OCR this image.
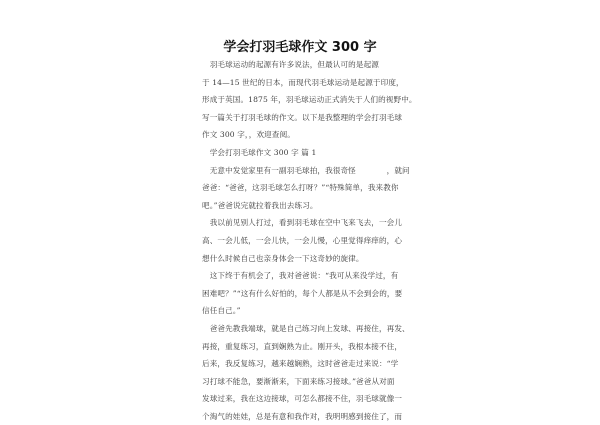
学会打羽毛球作文 300 字
　羽毛球运动的起源有许多说法，但最认可的是起源
于 14—15 世纪的日本，而现代羽毛球运动是起源于印度，
形成于英国。1875 年，羽毛球运动正式消失于人们的视野中。
写一篇关于打羽毛球的作文。以下是我整理的学会打羽毛球
作文 300 字，，欢迎查阅。
　学会打羽毛球作文 300 字 篇 1
　无意中发觉家里有一副羽毛球拍，我很奇怪　　　　，就问
爸爸：“爸爸，这羽毛球怎么打呀？”“特殊简单，我来教你
吧。”爸爸说完就拉着我出去练习。
　我以前见别人打过，看到羽毛球在空中飞来飞去，一会儿
高、一会儿低，一会儿快，一会儿慢，心里觉得痒痒的，心
想什么时候自己也亲身体会一下这奇妙的旋律。
　这下终于有机会了，我对爸爸说：“我可从来没学过，有
困难吧？”“这有什么好怕的，每个人都是从不会到会的，要
信任自己。”
　爸爸先教我端球，就是自己练习向上发球、再接住，再发、
再接，重复练习，直到娴熟为止。刚开头，我根本接不住，
后来，我反复练习，越来越娴熟，这时爸爸走过来说：“学
习打球不能急，要渐渐来，下面来练习接球。”爸爸从对面
发球过来，我在这边接球，可怎么都接不住，羽毛球就像一
个淘气的娃娃，总是有意和我作对，我明明感到接住了，而
